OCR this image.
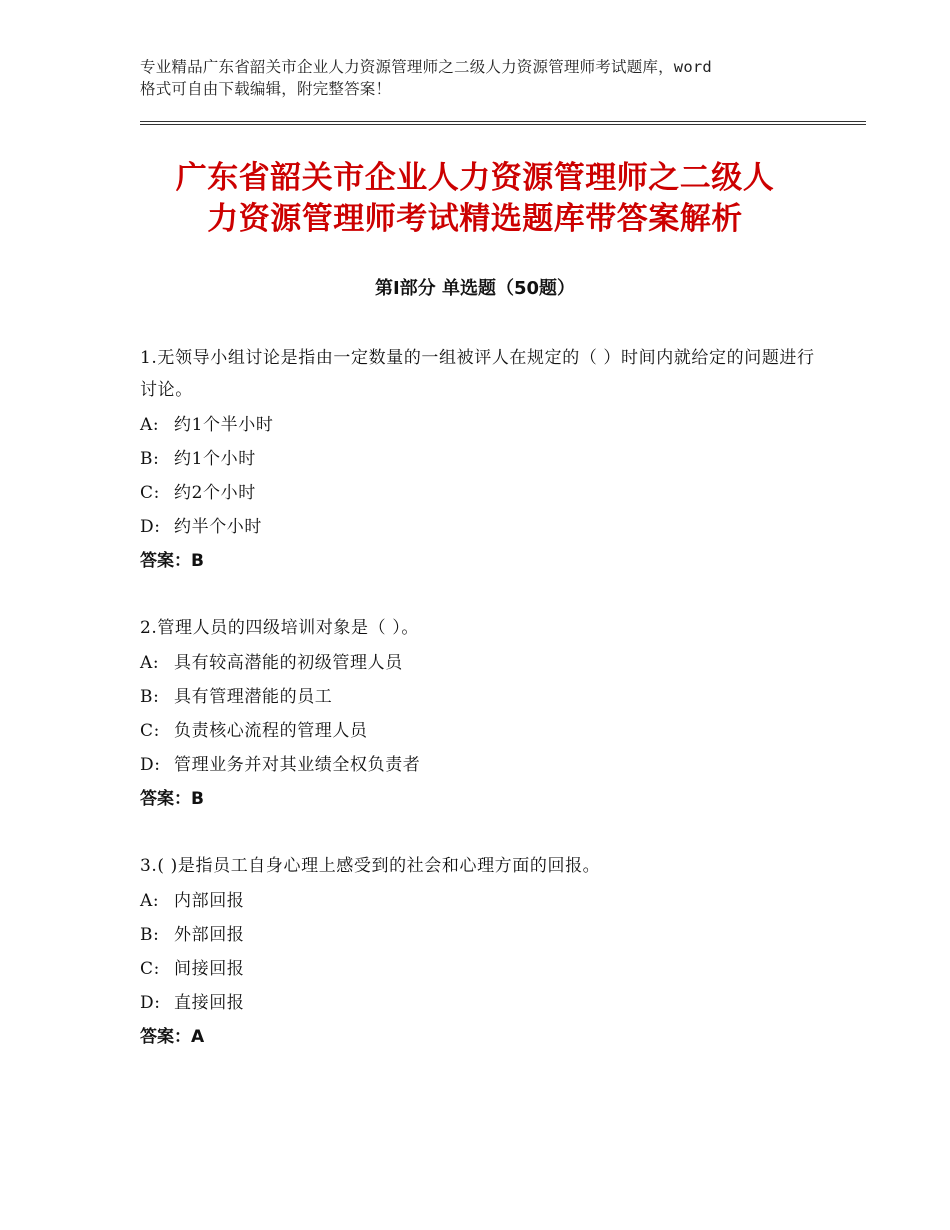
专业精品广东省韶关市企业人力资源管理师之二级人力资源管理师考试题库，word
格式可自由下载编辑，附完整答案！
广东省韶关市企业人力资源管理师之二级人
力资源管理师考试精选题库带答案解析
第Ⅰ部分 单选题（50题）
1.无领导小组讨论是指由一定数量的一组被评人在规定的（ ）时间内就给定的问题进行讨论。
A: 约1个半小时
B: 约1个小时
C: 约2个小时
D: 约半个小时
答案：B
2.管理人员的四级培训对象是（ ）。
A: 具有较高潜能的初级管理人员
B: 具有管理潜能的员工
C: 负责核心流程的管理人员
D: 管理业务并对其业绩全权负责者
答案：B
3.( )是指员工自身心理上感受到的社会和心理方面的回报。
A: 内部回报
B: 外部回报
C: 间接回报
D: 直接回报
答案：A
